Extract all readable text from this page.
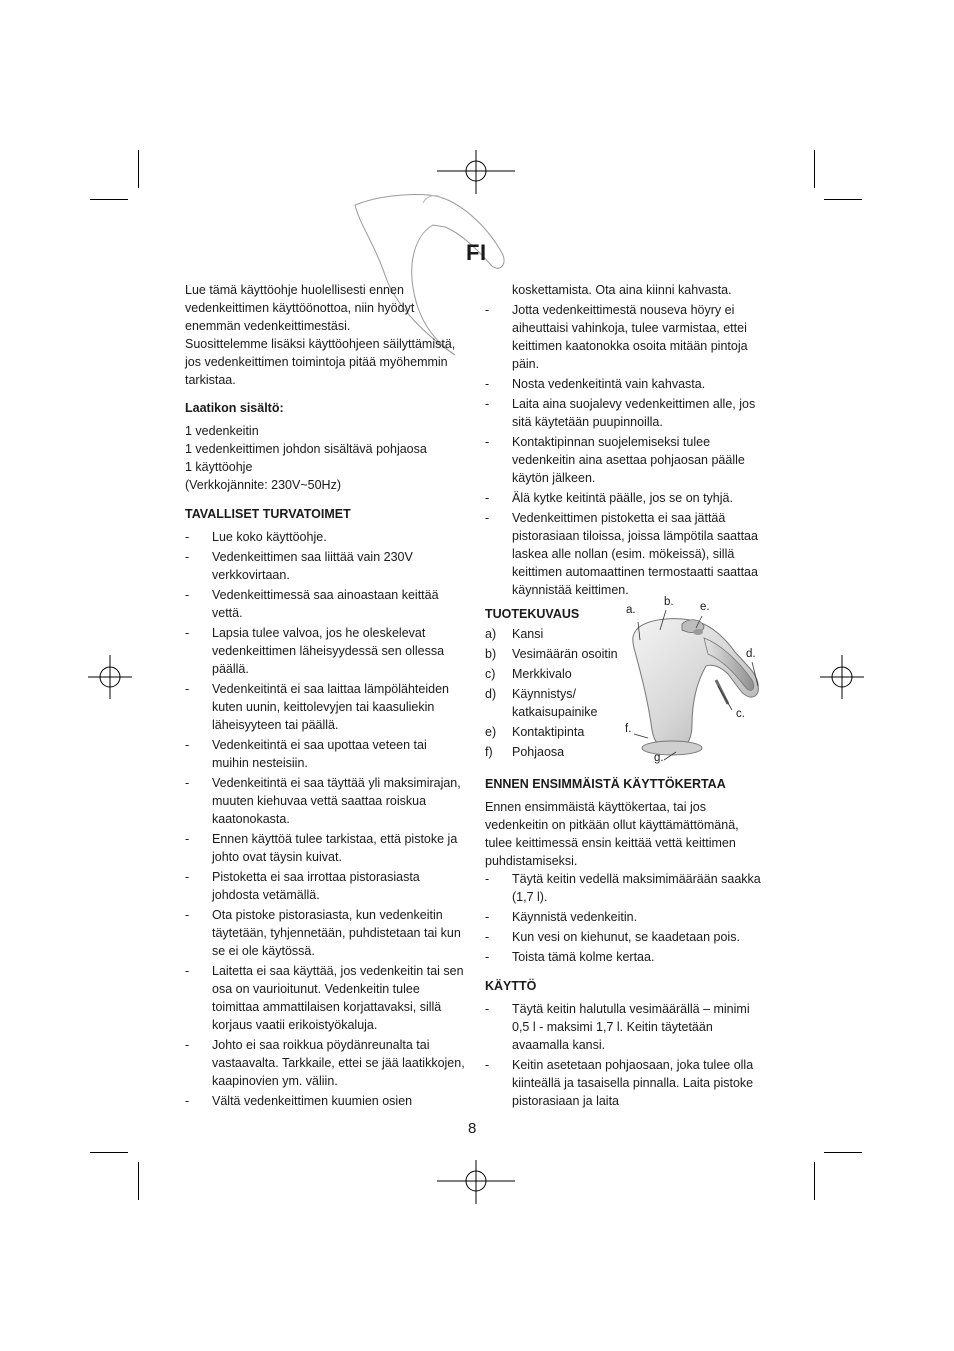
FI

Lue tämä käyttöohje huolellisesti ennen vedenkeittimen käyttöönottoa, niin hyödyt enemmän vedenkeittimestäsi.
Suosittelemme lisäksi käyttöohjeen säilyttämistä, jos vedenkeittimen toimintoja pitää myöhemmin tarkistaa.

Laatikon sisältö:

1 vedenkeitin

1 vedenkeittimen johdon sisältävä pohjaosa

1 käyttöohje

(Verkkojännite: 230V~50Hz)

TAVALLISET TURVATOIMET

- Lue koko käyttöohje.
- Vedenkeittimen saa liittää vain 230V verkkovirtaan.
- Vedenkeittimessä saa ainoastaan keittää vettä.
- Lapsia tulee valvoa, jos he oleskelevat vedenkeittimen läheisyydessä sen ollessa päällä.
- Vedenkeitintä ei saa laittaa lämpölähteiden kuten uunin, keittolevyjen tai kaasuliekin läheisyyteen tai päällä.
- Vedenkeitintä ei saa upottaa veteen tai muihin nesteisiin.
- Vedenkeitintä ei saa täyttää yli maksimirajan, muuten kiehuvaa vettä saattaa roiskua kaatonokasta.
- Ennen käyttöä tulee tarkistaa, että pistoke ja johto ovat täysin kuivat.
- Pistoketta ei saa irrottaa pistorasiasta johdosta vetämällä.
- Ota pistoke pistorasiasta, kun vedenkeitin täytetään, tyhjennetään, puhdistetaan tai kun se ei ole käytössä.
- Laitetta ei saa käyttää, jos vedenkeitin tai sen osa on vaurioitunut. Vedenkeitin tulee toimittaa ammattilaisen korjattavaksi, sillä korjaus vaatii erikoistyökaluja.
- Johto ei saa roikkua pöydänreunalta tai vastaavalta. Tarkkaile, ettei se jää laatikkojen, kaapinovien ym. väliin.
- Vältä vedenkeittimen kuumien osien

koskettamista. Ota aina kiinni kahvasta.

- Jotta vedenkeittimestä nouseva höyry ei aiheuttaisi vahinkoja, tulee varmistaa, ettei keittimen kaatonokka osoita mitään pintoja päin.
- Nosta vedenkeitintä vain kahvasta.
- Laita aina suojalevy vedenkeittimen alle, jos sitä käytetään puupinnoilla.
- Kontaktipinnan suojelemiseksi tulee vedenkeitin aina asettaa pohjaosan päälle käytön jälkeen.
- Älä kytke keitintä päälle, jos se on tyhjä.
- Vedenkeittimen pistoketta ei saa jättää pistorasiaan tiloissa, joissa lämpötila saattaa laskea alle nollan (esim. mökeissä), sillä keittimen automaattinen termostaatti saattaa käynnistää keittimen.

TUOTEKUVAUS

a) Kansi
b) Vesimäärän osoitin
c) Merkkivalo
d) Käynnistys/ katkaisupainike
e) Kontaktipinta
f) Pohjaosa
a.
b. e.
d.
c.
f.
g.

ENNEN ENSIMMÄISTÄ KÄYTTÖKERTAA

Ennen ensimmäistä käyttökertaa, tai jos vedenkeitin on pitkään ollut käyttämättömänä, tulee keittimessä ensin keittää vettä keittimen puhdistamiseksi.

- Täytä keitin vedellä maksimimäärään saakka (1,7 l).
- Käynnistä vedenkeitin.
- Kun vesi on kiehunut, se kaadetaan pois.
- Toista tämä kolme kertaa.

KÄYTTÖ

- Täytä keitin halutulla vesimäärällä – minimi 0,5 l - maksimi 1,7 l. Keitin täytetään avaamalla kansi.
- Keitin asetetaan pohjaosaan, joka tulee olla kiinteällä ja tasaisella pinnalla. Laita pistoke pistorasiaan ja laita
8
